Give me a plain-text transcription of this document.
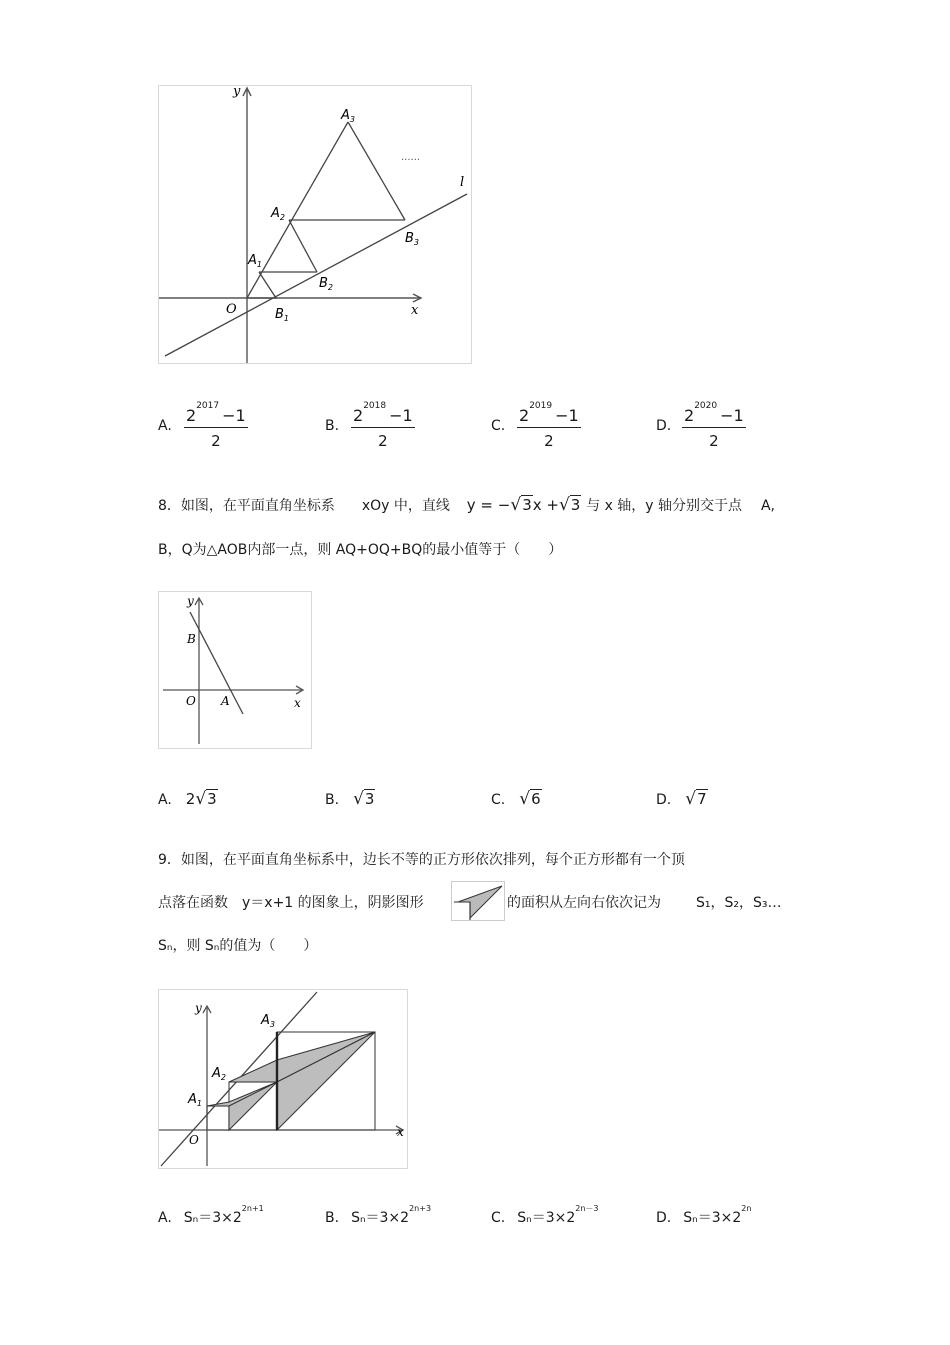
y
x
O
l
......
$A_3$
$A_2$
$A_1$
$B_1$
$B_2$
$B_3$
A. $\frac{2^{2017}-1}{2}$	B. $\frac{2^{2018}-1}{2}$	C. $\frac{2^{2019}-1}{2}$	D. $\frac{2^{2020}-1}{2}$
8．如图，在平面直角坐标系 xOy 中，直线 y = −√3x +√3 与 x 轴，y 轴分别交于点 A,
B，Q为△AOB内部一点，则 AQ+OQ+BQ的最小值等于（　　）
y
x
O A
B
A. 2√3	B. √3	C. √6	D. √7
9．如图，在平面直角坐标系中，边长不等的正方形依次排列，每个正方形都有一个顶
点落在函数　y＝x+1 的图象上，阴影图形	的面积从左向右依次记为	S₁，S₂，S₃…
Sₙ，则 Sₙ的值为（　　）
y
x
O
$A_1$
$A_2$
$A_3$
A. $S_n=3\times 2^{2n+1}$
B. $S_n=3\times 2^{2n+3}$
C. $S_n=3\times 2^{2n-3}$
D. $S_n=3\times 2^{2n}$
